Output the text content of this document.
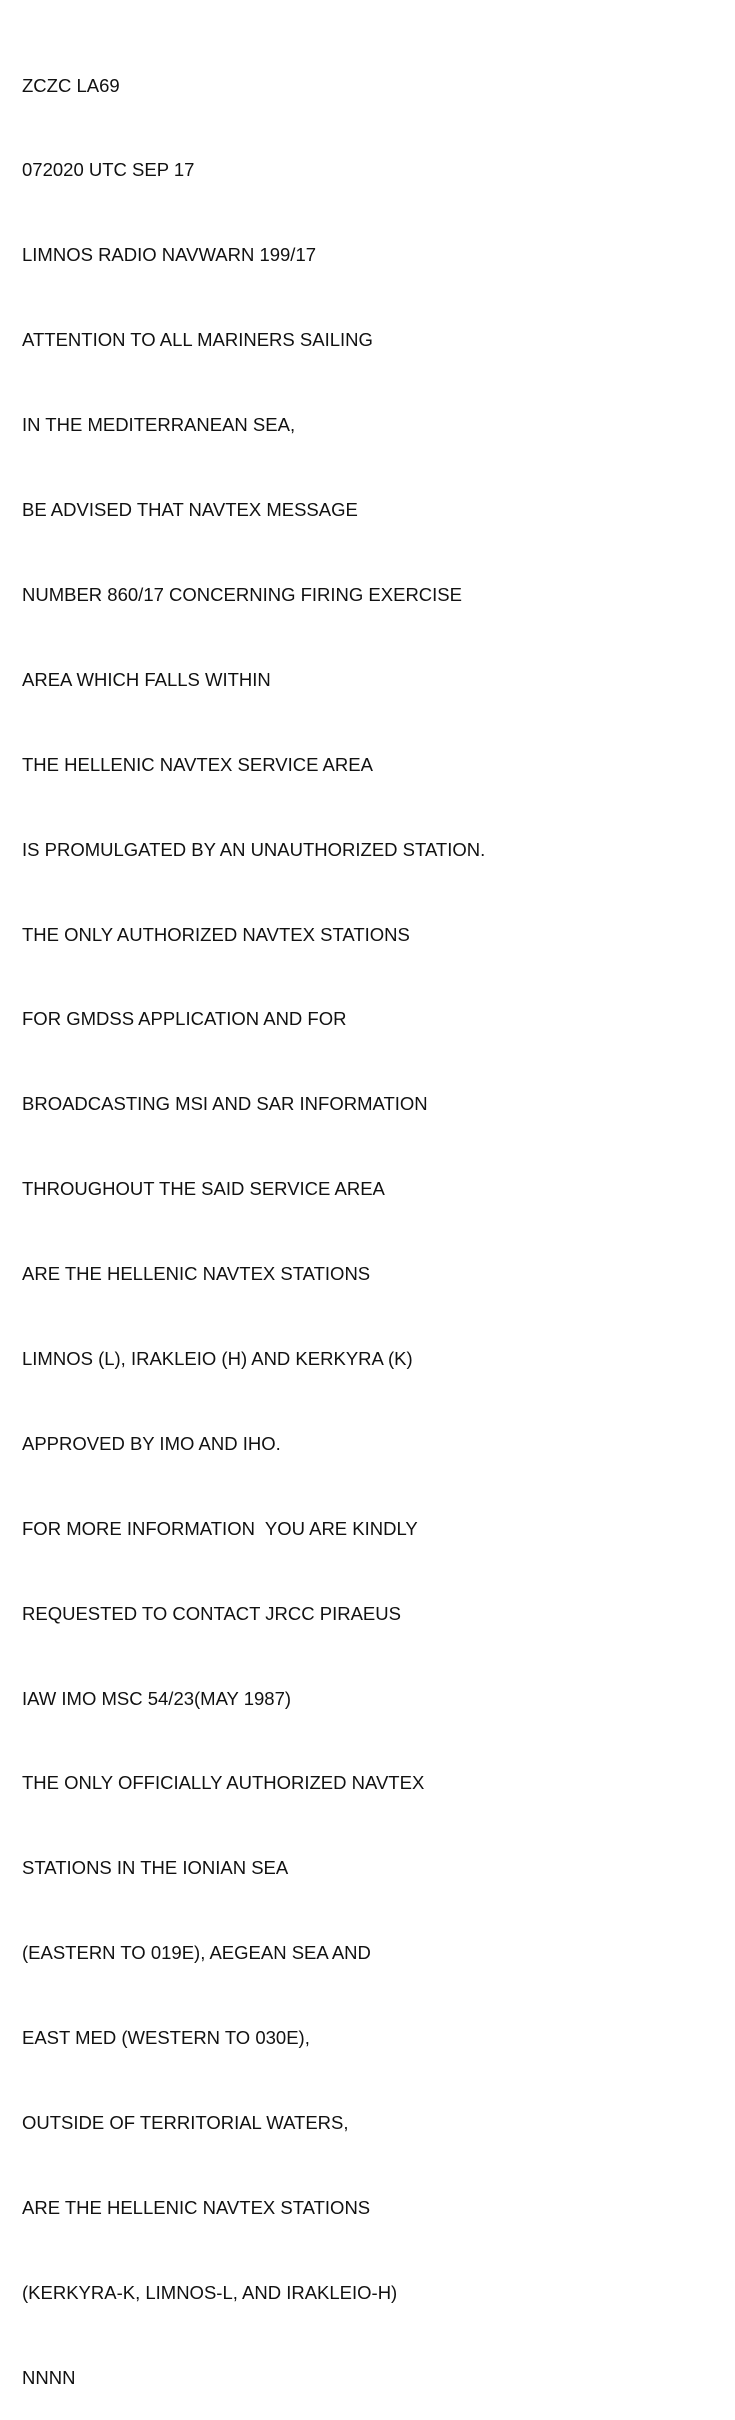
ZCZC LA69

072020 UTC SEP 17

LIMNOS RADIO NAVWARN 199/17

ATTENTION TO ALL MARINERS SAILING

IN THE MEDITERRANEAN SEA,

BE ADVISED THAT NAVTEX MESSAGE

NUMBER 860/17 CONCERNING FIRING EXERCISE

AREA WHICH FALLS WITHIN

THE HELLENIC NAVTEX SERVICE AREA

IS PROMULGATED BY AN UNAUTHORIZED STATION.

THE ONLY AUTHORIZED NAVTEX STATIONS

FOR GMDSS APPLICATION AND FOR

BROADCASTING MSI AND SAR INFORMATION

THROUGHOUT THE SAID SERVICE AREA

ARE THE HELLENIC NAVTEX STATIONS

LIMNOS (L), IRAKLEIO (H) AND KERKYRA (K)

APPROVED BY IMO AND IHO.

FOR MORE INFORMATION  YOU ARE KINDLY

REQUESTED TO CONTACT JRCC PIRAEUS

IAW IMO MSC 54/23(MAY 1987)

THE ONLY OFFICIALLY AUTHORIZED NAVTEX

STATIONS IN THE IONIAN SEA

(EASTERN TO 019E), AEGEAN SEA AND

EAST MED (WESTERN TO 030E),

OUTSIDE OF TERRITORIAL WATERS,

ARE THE HELLENIC NAVTEX STATIONS

(KERKYRA-K, LIMNOS-L, AND IRAKLEIO-H)

NNNN
